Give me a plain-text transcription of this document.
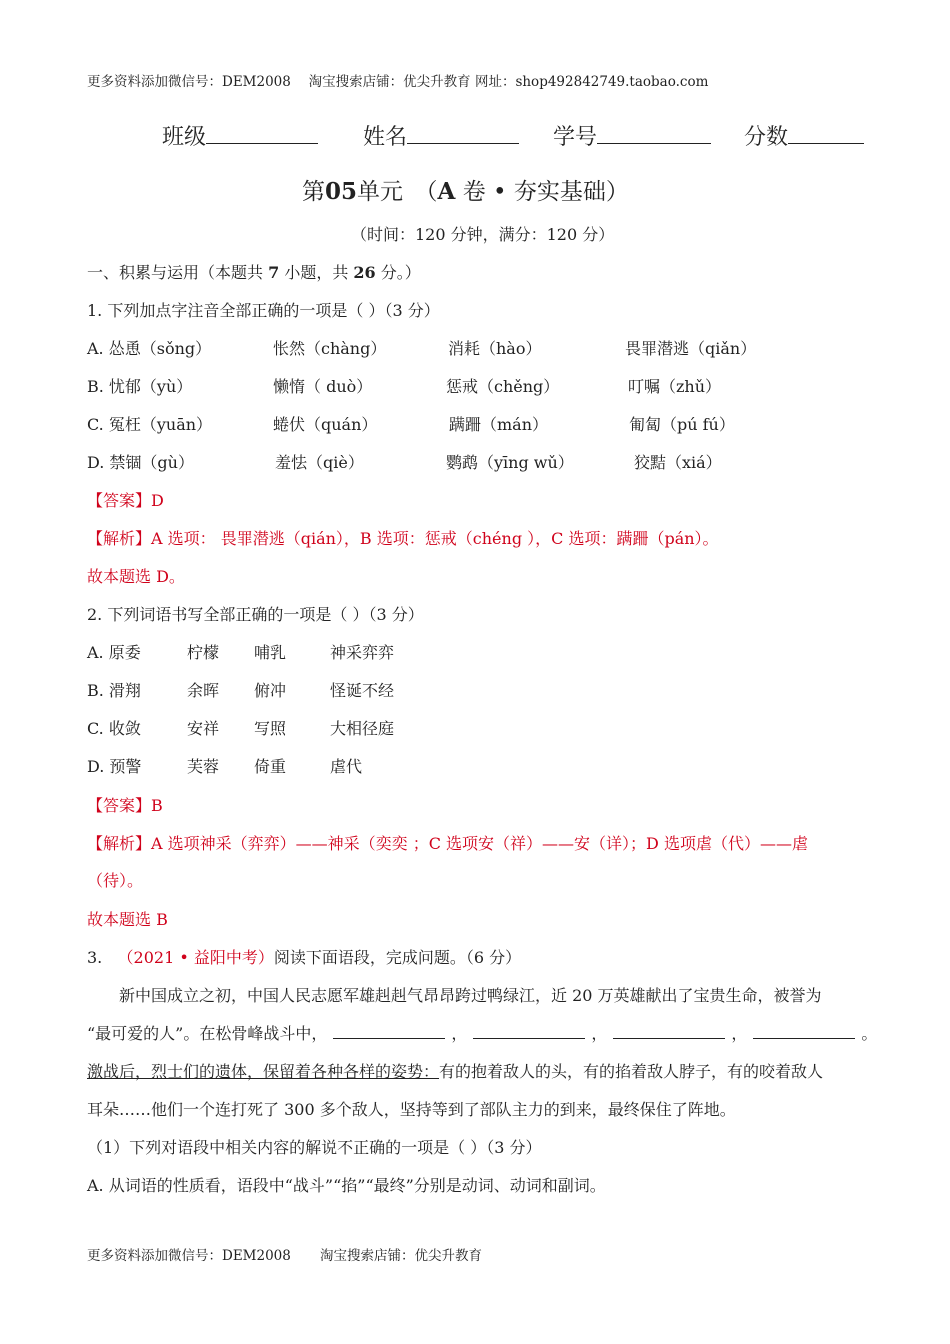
更多资料添加微信号：DEM2008　 淘宝搜索店铺：优尖升教育 网址：shop492842749.taobao.com
班级	姓名	学号	分数
第05单元　 （A 卷 • 夯实基础）
（时间：120 分钟，满分：120 分）
一、积累与运用（本题共 7 小题，共 26 分。）
1. 下列加点字注音全部正确的一项是（ ）（3 分）
A. 怂恿（sǒng）	怅然（chàng）	消耗（hào）	畏罪潜逃（qiǎn）
B. 忧郁（yù）	懒惰（ duò）	惩戒（chěng）	叮嘱（zhǔ）
C. 冤枉（yuān）	蜷伏（quán）	蹒跚（mán）	匍匐（pú fú）
D. 禁锢（gù）	羞怯（qiè）	鹦鹉（yīng wǔ）	狡黠（xiá）
【答案】D
【解析】A 选项： 畏罪潜逃（qián），B 选项：惩戒（chéng ），C 选项：蹒跚（pán）。
故本题选 D。
2. 下列词语书写全部正确的一项是（ ）（3 分）
A. 原委	柠檬 哺乳	神采弈弈
B. 滑翔	余晖 俯冲	怪诞不经
C. 收敛	安祥 写照	大相径庭
D. 预警	芙蓉 倚重	虐代
【答案】B
【解析】A 选项神采（弈弈）——神采（奕奕 ；C 选项安（祥）——安（详）；D 选项虐（代）——虐
（待）。
故本题选 B
3. （2021 • 益阳中考）阅读下面语段，完成问题。（6 分）
新中国成立之初，中国人民志愿军雄赳赳气昂昂跨过鸭绿江，近 20 万英雄献出了宝贵生命，被誉为
“最可爱的人”。在松骨峰战斗中，	，	，	，	。
激战后，烈士们的遗体，保留着各种各样的姿势：有的抱着敌人的头，有的掐着敌人脖子，有的咬着敌人
耳朵……他们一个连打死了 300 多个敌人，坚持等到了部队主力的到来，最终保住了阵地。
（1）下列对语段中相关内容的解说不正确的一项是（ ）（3 分）
A. 从词语的性质看，语段中“战斗”“掐”“最终”分别是动词、动词和副词。
更多资料添加微信号：DEM2008 淘宝搜索店铺：优尖升教育
